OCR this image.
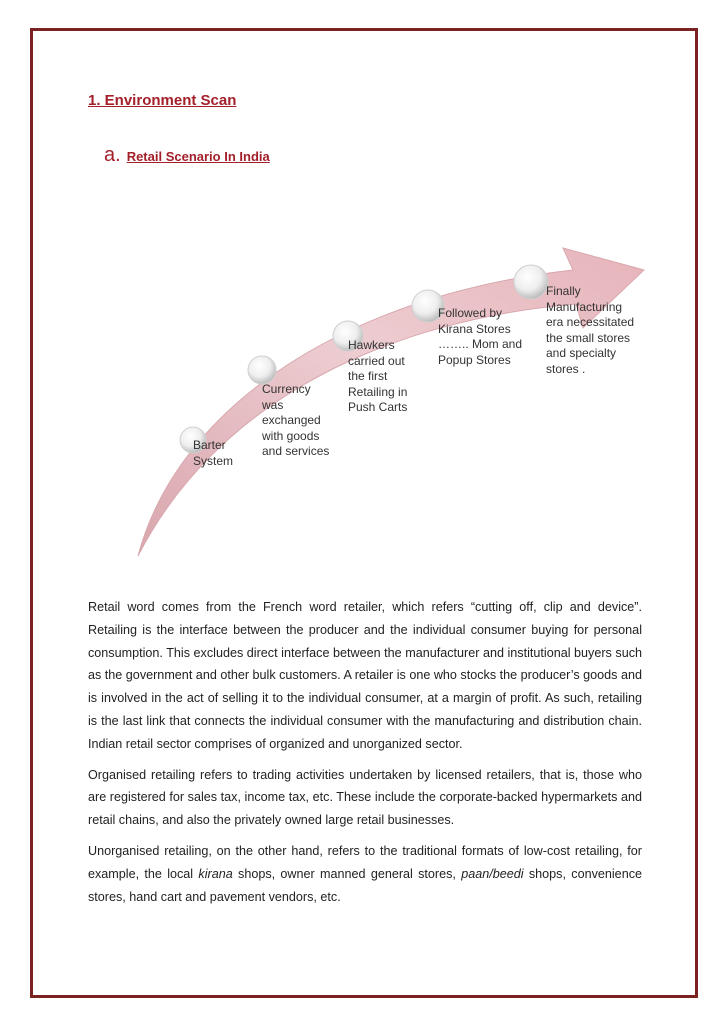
1. Environment Scan
a. Retail Scenario In India
Barter System
Currency was exchanged with goods and services
Hawkers carried out the first Retailing in Push Carts
Followed by Kirana Stores …….. Mom and Popup Stores
Finally Manufacturing era necessitated the small stores and specialty stores .

Retail word comes from the French word retailer, which refers “cutting off, clip and device”. Retailing is the interface between the producer and the individual consumer buying for personal consumption. This excludes direct interface between the manufacturer and institutional buyers such as the government and other bulk customers. A retailer is one who stocks the producer’s goods and is involved in the act of selling it to the individual consumer, at a margin of profit. As such, retailing is the last link that connects the individual consumer with the manufacturing and distribution chain. Indian retail sector comprises of organized and unorganized sector.

Organised retailing refers to trading activities undertaken by licensed retailers, that is, those who are registered for sales tax, income tax, etc. These include the corporate-backed hypermarkets and retail chains, and also the privately owned large retail businesses.

Unorganised retailing, on the other hand, refers to the traditional formats of low-cost retailing, for example, the local kirana shops, owner manned general stores, paan/beedi shops, convenience stores, hand cart and pavement vendors, etc.
